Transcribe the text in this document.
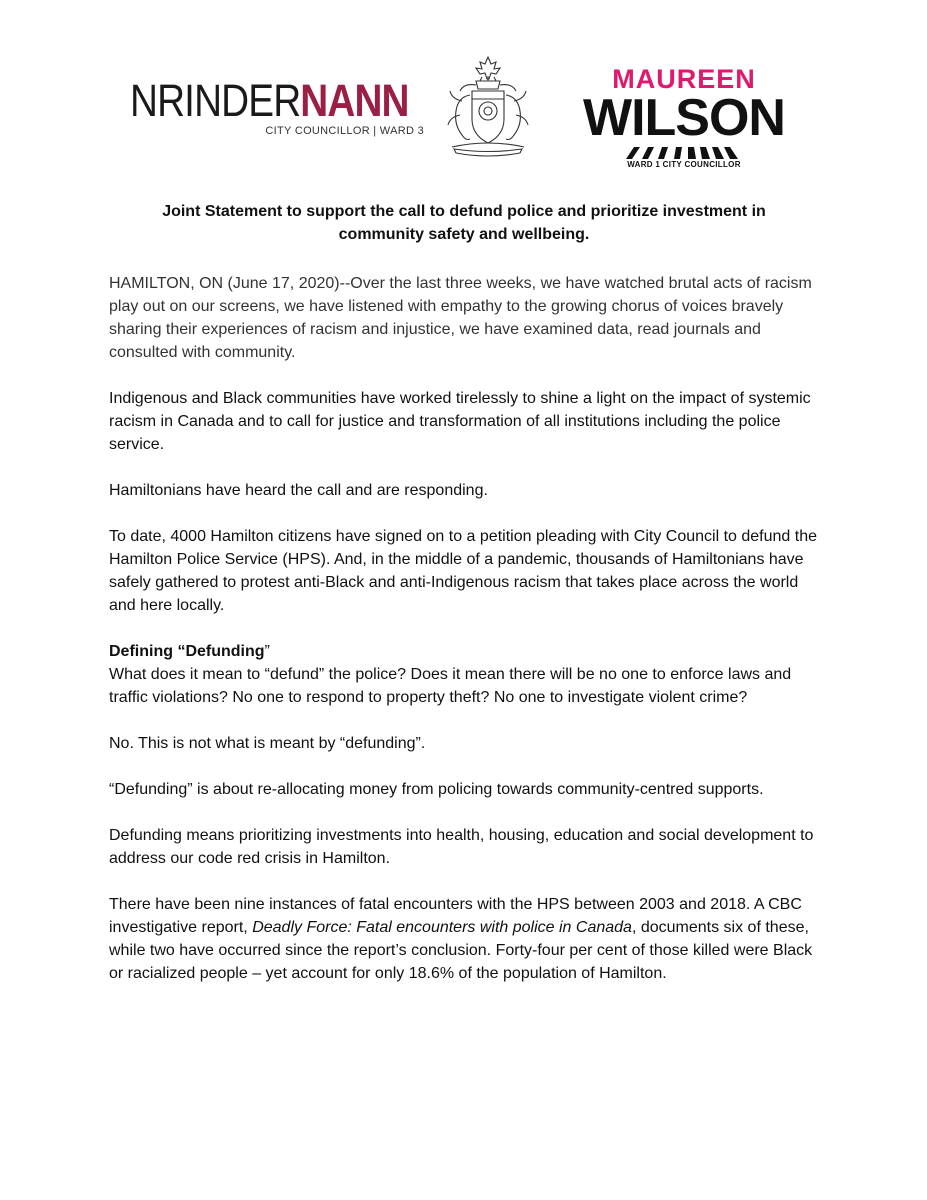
NRINDERNANN
CITY COUNCILLOR | WARD 3
MAUREEN
WILSON
WARD 1 CITY COUNCILLOR
Joint Statement to support the call to defund police and prioritize investment in
community safety and wellbeing.

HAMILTON, ON (June 17, 2020)--Over the last three weeks, we have watched brutal acts of racism play out on our screens, we have listened with empathy to the growing chorus of voices bravely sharing their experiences of racism and injustice, we have examined data, read journals and consulted with community.

Indigenous and Black communities have worked tirelessly to shine a light on the impact of systemic racism in Canada and to call for justice and transformation of all institutions including the police service.

Hamiltonians have heard the call and are responding.

To date, 4000 Hamilton citizens have signed on to a petition pleading with City Council to defund the Hamilton Police Service (HPS). And, in the middle of a pandemic, thousands of Hamiltonians have safely gathered to protest anti-Black and anti-Indigenous racism that takes place across the world and here locally.

Defining “Defunding”

What does it mean to “defund” the police? Does it mean there will be no one to enforce laws and traffic violations? No one to respond to property theft? No one to investigate violent crime?

No. This is not what is meant by “defunding”.

“Defunding” is about re-allocating money from policing towards community-centred supports.

Defunding means prioritizing investments into health, housing, education and social development to address our code red crisis in Hamilton.

There have been nine instances of fatal encounters with the HPS between 2003 and 2018. A CBC investigative report, Deadly Force: Fatal encounters with police in Canada, documents six of these, while two have occurred since the report’s conclusion. Forty-four per cent of those killed were Black or racialized people – yet account for only 18.6% of the population of Hamilton.
